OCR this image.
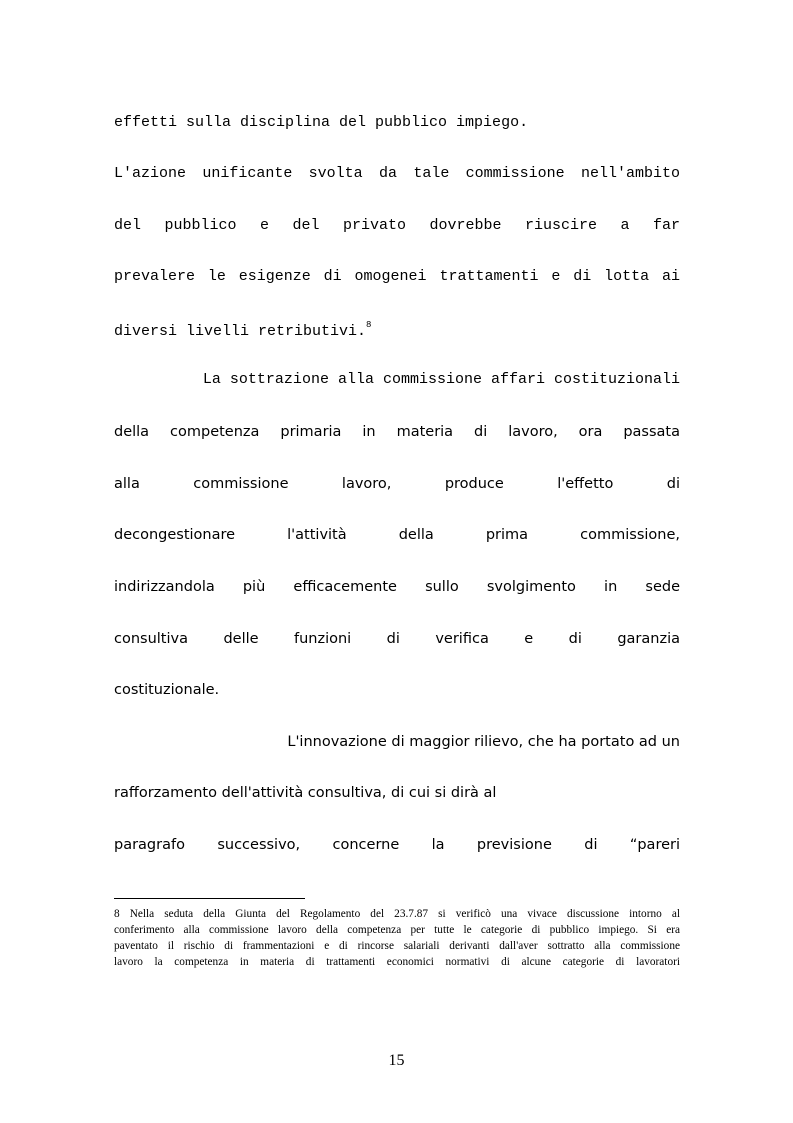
effetti sulla disciplina del pubblico impiego.
L'azione unificante svolta da tale commissione nell'ambito
del pubblico e del privato dovrebbe riuscire a far
prevalere le esigenze di omogenei trattamenti e di lotta ai
diversi livelli retributivi.$^8$
La sottrazione alla commissione affari costituzionali
della competenza primaria in materia di lavoro, ora passata
alla commissione lavoro, produce l'effetto di
decongestionare l'attività della prima commissione,
indirizzandola più efficacemente sullo svolgimento in sede
consultiva delle funzioni di verifica e di garanzia
costituzionale.
L'innovazione di maggior rilievo, che ha portato ad un
rafforzamento dell'attività consultiva, di cui si dirà al
paragrafo successivo, concerne la previsione di “pareri
8 Nella seduta della Giunta del Regolamento del 23.7.87 si verificò una vivace discussione intorno al
conferimento alla commissione lavoro della competenza per tutte le categorie di pubblico impiego. Si era
paventato il rischio di frammentazioni e di rincorse salariali derivanti dall'aver sottratto alla commissione
lavoro la competenza in materia di trattamenti economici normativi di alcune categorie di lavoratori
15
